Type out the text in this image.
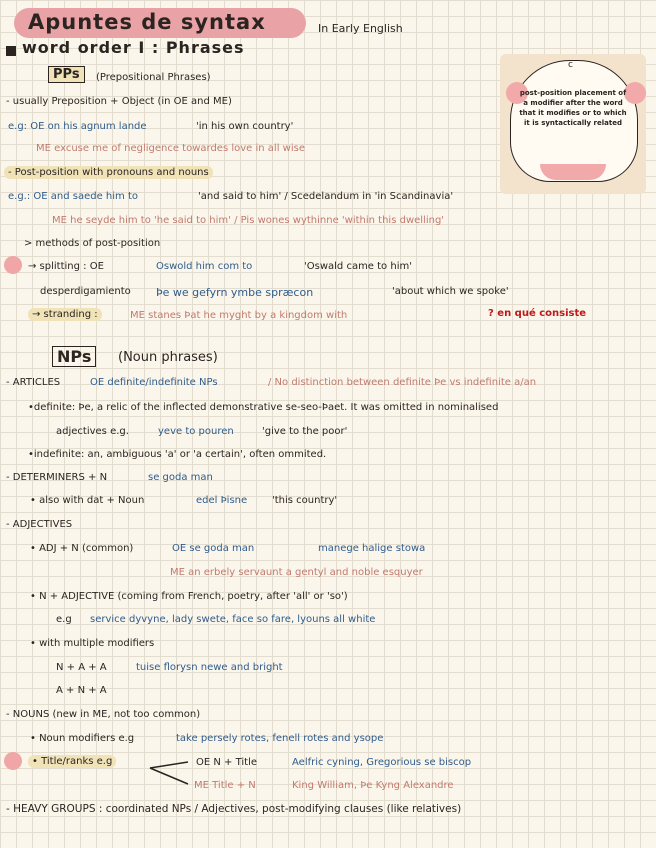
Apuntes de syntax	In Early English
word order I : Phrases
PPs	(Prepositional Phrases)
c
post-position placement of a modifier after the word that it modifies or to which it is syntactically related
- usually Preposition + Object (in OE and ME)
e.g: OE on his agnum lande	'in his own country'
ME excuse me of negligence towardes love in all wise
- Post-position with pronouns and nouns
e.g.: OE and saede him to	'and said to him' / Scedelandum in 'in Scandinavia'
ME he seyde him to 'he said to him' / Pis wones wythinne 'within this dwelling'
> methods of post-position
→ splitting : OE	Oswold him com to	'Oswald came to him'
desperdigamiento Þe we gefyrn ymbe spræcon	'about which we spoke'
→ stranding :	ME stanes Þat he myght by a kingdom with	? en qué consiste
NPs	(Noun phrases)
- ARTICLES	OE definite/indefinite NPs	/ No distinction between definite Þe vs indefinite a/an
•definite: Þe, a relic of the inflected demonstrative se-seo-Þaet. It was omitted in nominalised
adjectives e.g.	yeve to pouren	'give to the poor'
•indefinite: an, ambiguous 'a' or 'a certain', often ommited.
- DETERMINERS + N	se goda man
• also with dat + Noun	edel Þisne 'this country'
- ADJECTIVES
• ADJ + N (common)	OE se goda man	manege halige stowa
ME an erbely servaunt a gentyl and noble esquyer
• N + ADJECTIVE (coming from French, poetry, after 'all' or 'so')
e.g service dyvyne, lady swete, face so fare, lyouns all white
• with multiple modifiers
N + A + A	tuise florysn newe and bright
A + N + A
- NOUNS (new in ME, not too common)
• Noun modifiers e.g	take persely rotes, fenell rotes and ysope
• Title/ranks e.g	OE N + Title	Aelfric cyning, Gregorious se biscop
ME Title + N	King William, Þe Kyng Alexandre
- HEAVY GROUPS : coordinated NPs / Adjectives, post-modifying clauses (like relatives)
